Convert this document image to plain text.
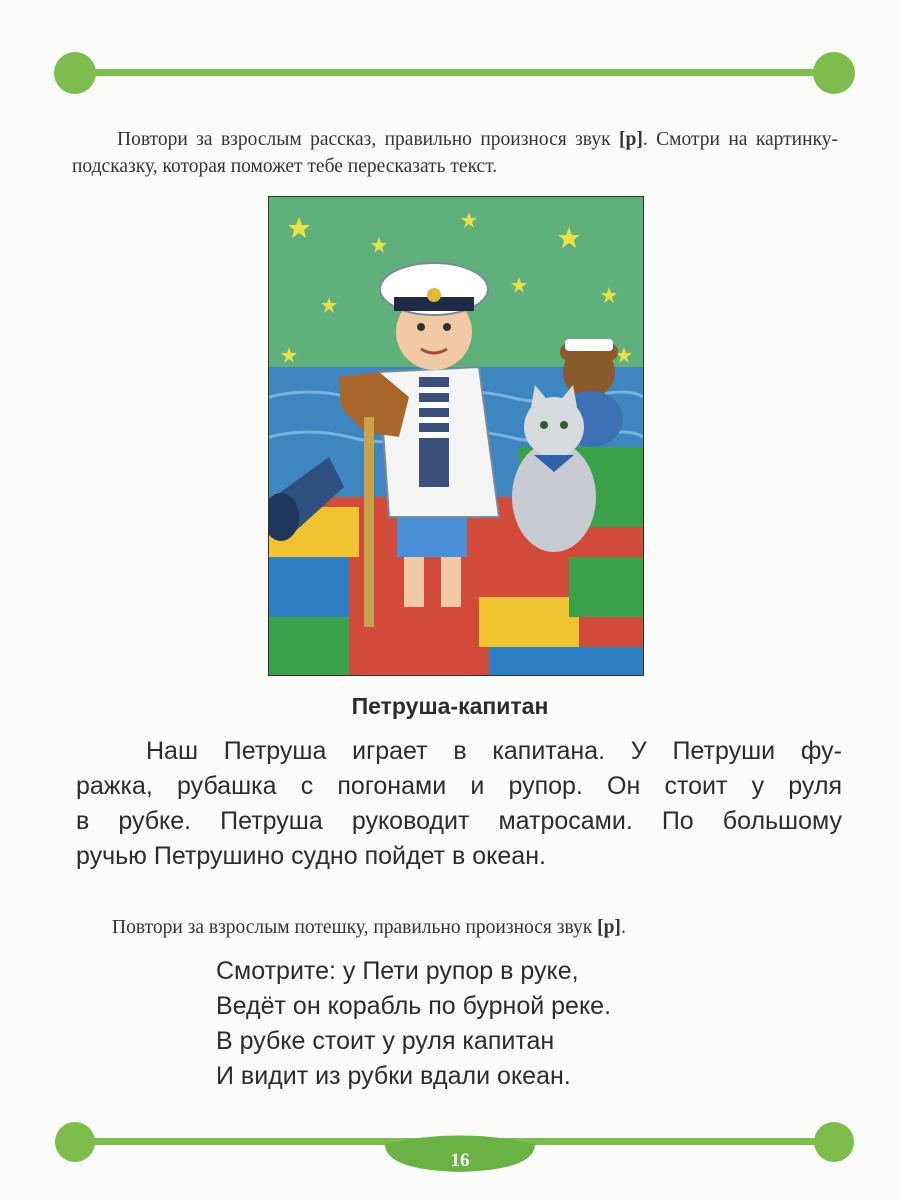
Повтори за взрослым рассказ, правильно произнося звук [р]. Смотри на картинку-подсказку, которая поможет тебе пересказать текст.
Петруша-капитан
Наш Петруша играет в капитана. У Петруши фу-
ражка, рубашка с погонами и рупор. Он стоит у руля
в рубке. Петруша руководит матросами. По большому
ручью Петрушино судно пойдет в океан.
Повтори за взрослым потешку, правильно произнося звук [р].
Смотрите: у Пети рупор в руке,
Ведёт он корабль по бурной реке.
В рубке стоит у руля капитан
И видит из рубки вдали океан.
16
